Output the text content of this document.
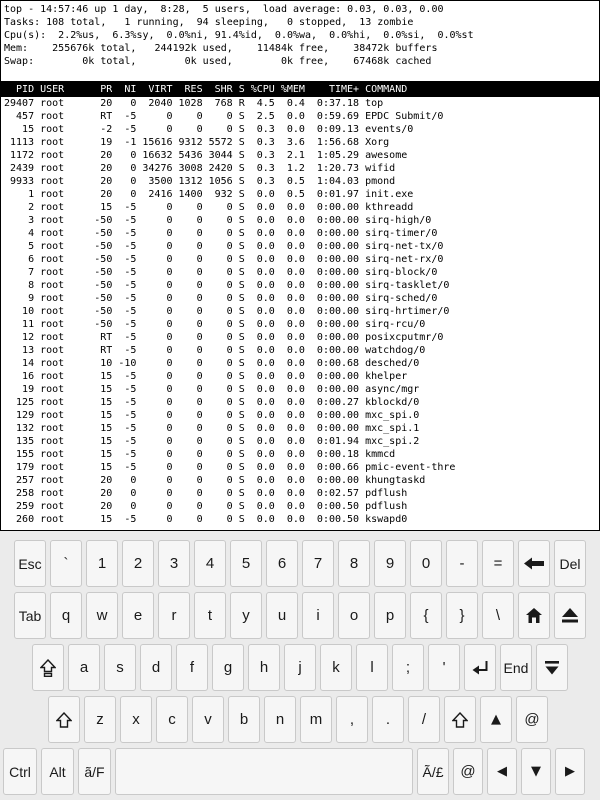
top - 14:57:46 up 1 day,  8:28,  5 users,  load average: 0.03, 0.03, 0.00
Tasks: 108 total,   1 running,  94 sleeping,   0 stopped,  13 zombie
Cpu(s):  2.2%us,  6.3%sy,  0.0%ni, 91.4%id,  0.0%wa,  0.0%hi,  0.0%si,  0.0%st
Mem:    255676k total,   244192k used,    11484k free,    38472k buffers
Swap:        0k total,        0k used,        0k free,    67468k cached
PID USER	PR	NI	VIRT	RES	SHR S %CPU %MEM	TIME+ COMMAND
29407 root	20	0	2040 1028	768 R	4.5	0.4	0:37.18 top
457 root	RT	-5	0	0	0 S	2.5	0.0	0:59.69 EPDC Submit/0
15 root	-2	-5	0	0	0 S	0.3	0.0	0:09.13 events/0
1113 root	19	-1 15616 9312 5572 S	0.3	3.6	1:56.68 Xorg
1172 root	20	0 16632 5436 3044 S	0.3	2.1	1:05.29 awesome
2439 root	20	0 34276 3008 2420 S	0.3	1.2	1:20.73 wifid
9933 root	20	0	3500 1312 1056 S	0.3	0.5	1:04.03 pmond
1 root	20	0	2416 1400	932 S	0.0	0.5	0:01.97 init.exe
2 root	15	-5	0	0	0 S	0.0	0.0	0:00.00 kthreadd
3 root	-50	-5	0	0	0 S	0.0	0.0	0:00.00 sirq-high/0
4 root	-50	-5	0	0	0 S	0.0	0.0	0:00.00 sirq-timer/0
5 root	-50	-5	0	0	0 S	0.0	0.0	0:00.00 sirq-net-tx/0
6 root	-50	-5	0	0	0 S	0.0	0.0	0:00.00 sirq-net-rx/0
7 root	-50	-5	0	0	0 S	0.0	0.0	0:00.00 sirq-block/0
8 root	-50	-5	0	0	0 S	0.0	0.0	0:00.00 sirq-tasklet/0
9 root	-50	-5	0	0	0 S	0.0	0.0	0:00.00 sirq-sched/0
10 root	-50	-5	0	0	0 S	0.0	0.0	0:00.00 sirq-hrtimer/0
11 root	-50	-5	0	0	0 S	0.0	0.0	0:00.00 sirq-rcu/0
12 root	RT	-5	0	0	0 S	0.0	0.0	0:00.00 posixcputmr/0
13 root	RT	-5	0	0	0 S	0.0	0.0	0:00.00 watchdog/0
14 root	10 -10	0	0	0 S	0.0	0.0	0:00.68 desched/0
16 root	15	-5	0	0	0 S	0.0	0.0	0:00.00 khelper
19 root	15	-5	0	0	0 S	0.0	0.0	0:00.00 async/mgr
125 root	15	-5	0	0	0 S	0.0	0.0	0:00.27 kblockd/0
129 root	15	-5	0	0	0 S	0.0	0.0	0:00.00 mxc_spi.0
132 root	15	-5	0	0	0 S	0.0	0.0	0:00.00 mxc_spi.1
135 root	15	-5	0	0	0 S	0.0	0.0	0:01.94 mxc_spi.2
155 root	15	-5	0	0	0 S	0.0	0.0	0:00.18 kmmcd
179 root	15	-5	0	0	0 S	0.0	0.0	0:00.66 pmic-event-thre
257 root	20	0	0	0	0 S	0.0	0.0	0:00.00 khungtaskd
258 root	20	0	0	0	0 S	0.0	0.0	0:02.57 pdflush
259 root	20	0	0	0	0 S	0.0	0.0	0:00.50 pdflush
260 root	15	-5	0	0	0 S	0.0	0.0	0:00.50 kswapd0
Esc	`	1	2	3	4	5	6	7	8	9	0	-	=	Del
Tab	q	w	e	r	t	y	u	i	o	p	{	}	\
a	s	d	f	g	h	j	k	l	;	'	End
z	x	c	v	b	n	m	,	.	/	▲	@
Ctrl	Alt	ã/F	Ã/£	@	◀ ▼ ▶
